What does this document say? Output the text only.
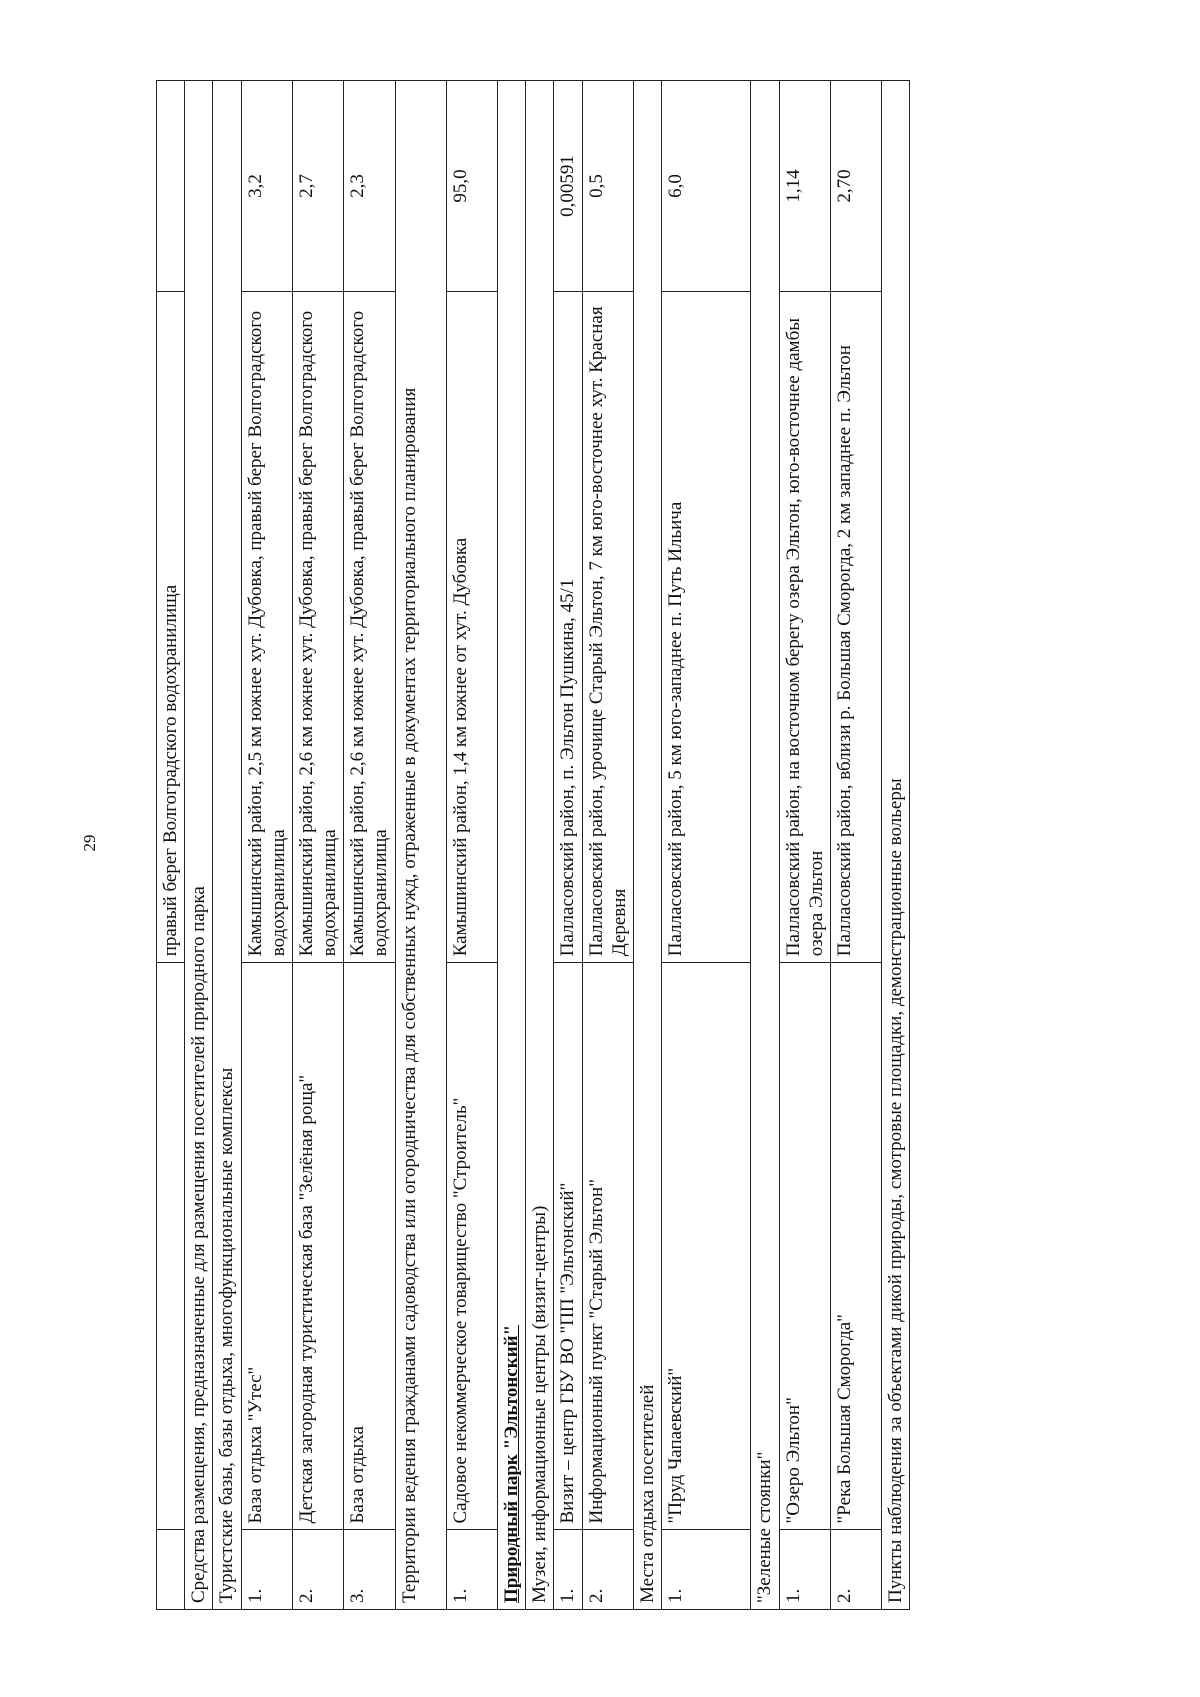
29
			правый берег Волгоградского водохранилища	
Средства размещения, предназначенные для размещения посетителей природного парка			
Туристские базы, базы отдыха, многофункциональные комплексы			
1.	База отдыха "Утес"	Камышинский район, 2,5 км южнее хут. Дубовка, правый берег Волгоградского водохранилища	3,2
2.	Детская загородная туристическая база "Зелёная роща"	Камышинский район, 2,6 км южнее хут. Дубовка, правый берег Волгоградского водохранилища	2,7
3.	База отдыха	Камышинский район, 2,6 км южнее хут. Дубовка, правый берег Волгоградского водохранилища	2,3
Территории ведения гражданами садоводства или огородничества для собственных нужд, отраженные в документах территориального планирования			
1.	Садовое некоммерческое товарищество "Строитель"	Камышинский район, 1,4 км южнее от хут. Дубовка	95,0
Природный парк "Эльтонский"			
Музеи, информационные центры (визит-центры)			
1.	Визит – центр ГБУ ВО "ПП "Эльтонский"	Палласовский район, п. Эльтон Пушкина, 45/1	0,00591
2.	Информационный пункт "Старый Эльтон"	Палласовский район, урочище Старый Эльтон, 7 км юго-восточнее хут. Красная Деревня	0,5
Места отдыха посетителей			
1.	"Пруд Чапаевский"	Палласовский район, 5 км юго-западнее п. Путь Ильича	6,0
"Зеленые стоянки"			
1.	"Озеро Эльтон"	Палласовский район, на восточном берегу озера Эльтон, юго-восточнее дамбы озера Эльтон	1,14
2.	"Река Большая Сморогда"	Палласовский район, вблизи р. Большая Сморогда, 2 км западнее п. Эльтон	2,70
Пункты наблюдения за объектами дикой природы, смотровые площадки, демонстрационные вольеры			
